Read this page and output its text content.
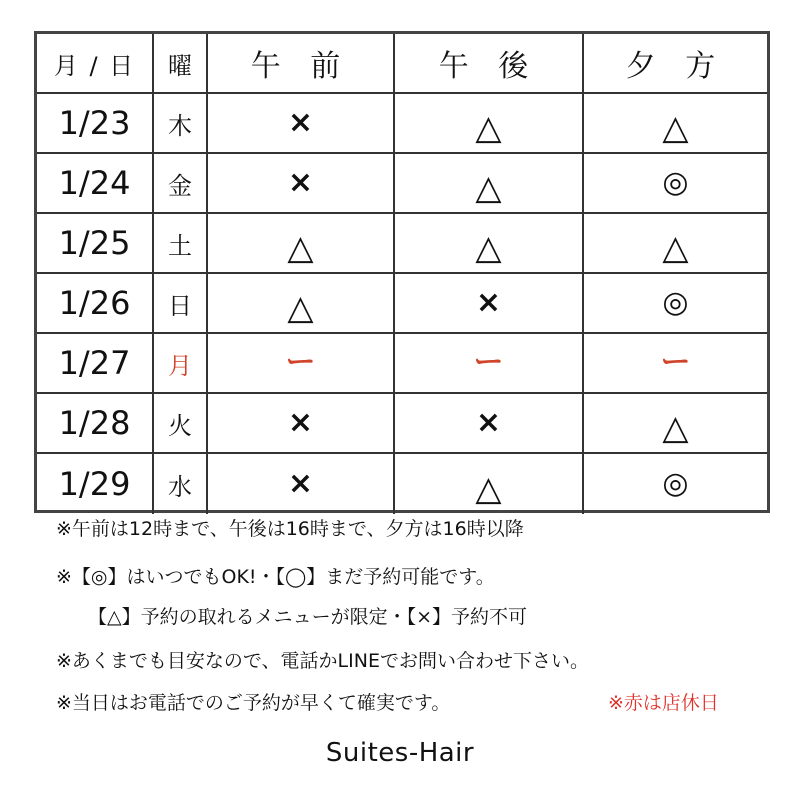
月 / 日	曜	午 前	午 後	夕 方
1/23 木	×	△	△
1/24 金	×	△	◎
1/25 土	△	△	△
1/26 日	△	×	◎
1/27 月	ー	ー	ー
1/28 火	×	×	△
1/29 水	×	△	◎
※午前は12時まで、午後は16時まで、夕方は16時以降
※【◎】はいつでもOK!・【◯】まだ予約可能です。
【△】予約の取れるメニューが限定・【×】予約不可
※あくまでも目安なので、電話かLINEでお問い合わせ下さい。
※当日はお電話でのご予約が早くて確実です。	※赤は店休日
Suites-Hair
